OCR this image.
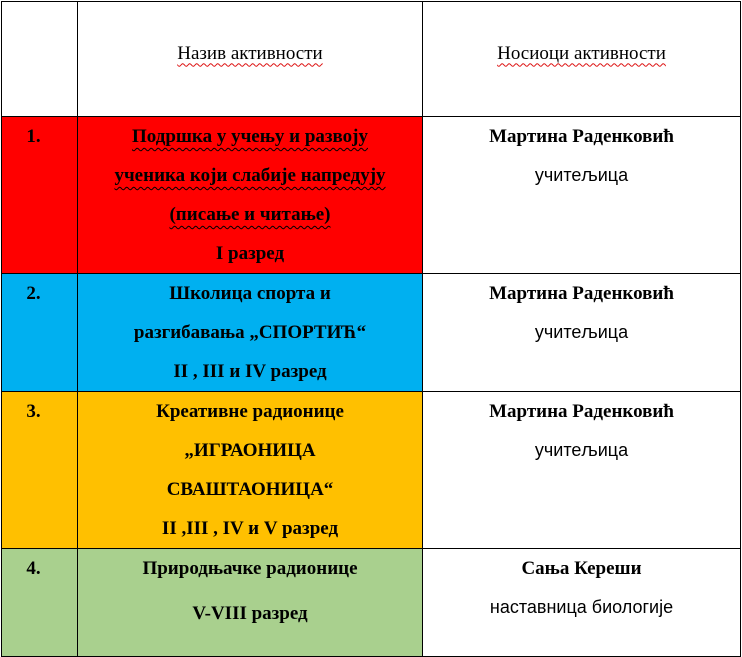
	Назив активности	Носиоци активности
1.	Подршка у учењу и развоју
ученика који слабије напредују
(писање и читање)
I разред	Мартина Раденковић
учитељица

2.	Школица спорта и
разгибавања „СПОРТИЋ“
II , III и IV разред	Мартина Раденковић
учитељица

3.	Креативне радионице
„ИГРАОНИЦА
СВАШТАОНИЦА“
II ,III , IV и V разред	Мартина Раденковић
учитељица

4.	Природњачке радионице
V-VIII разред	Сања Кереши
наставница биологије
